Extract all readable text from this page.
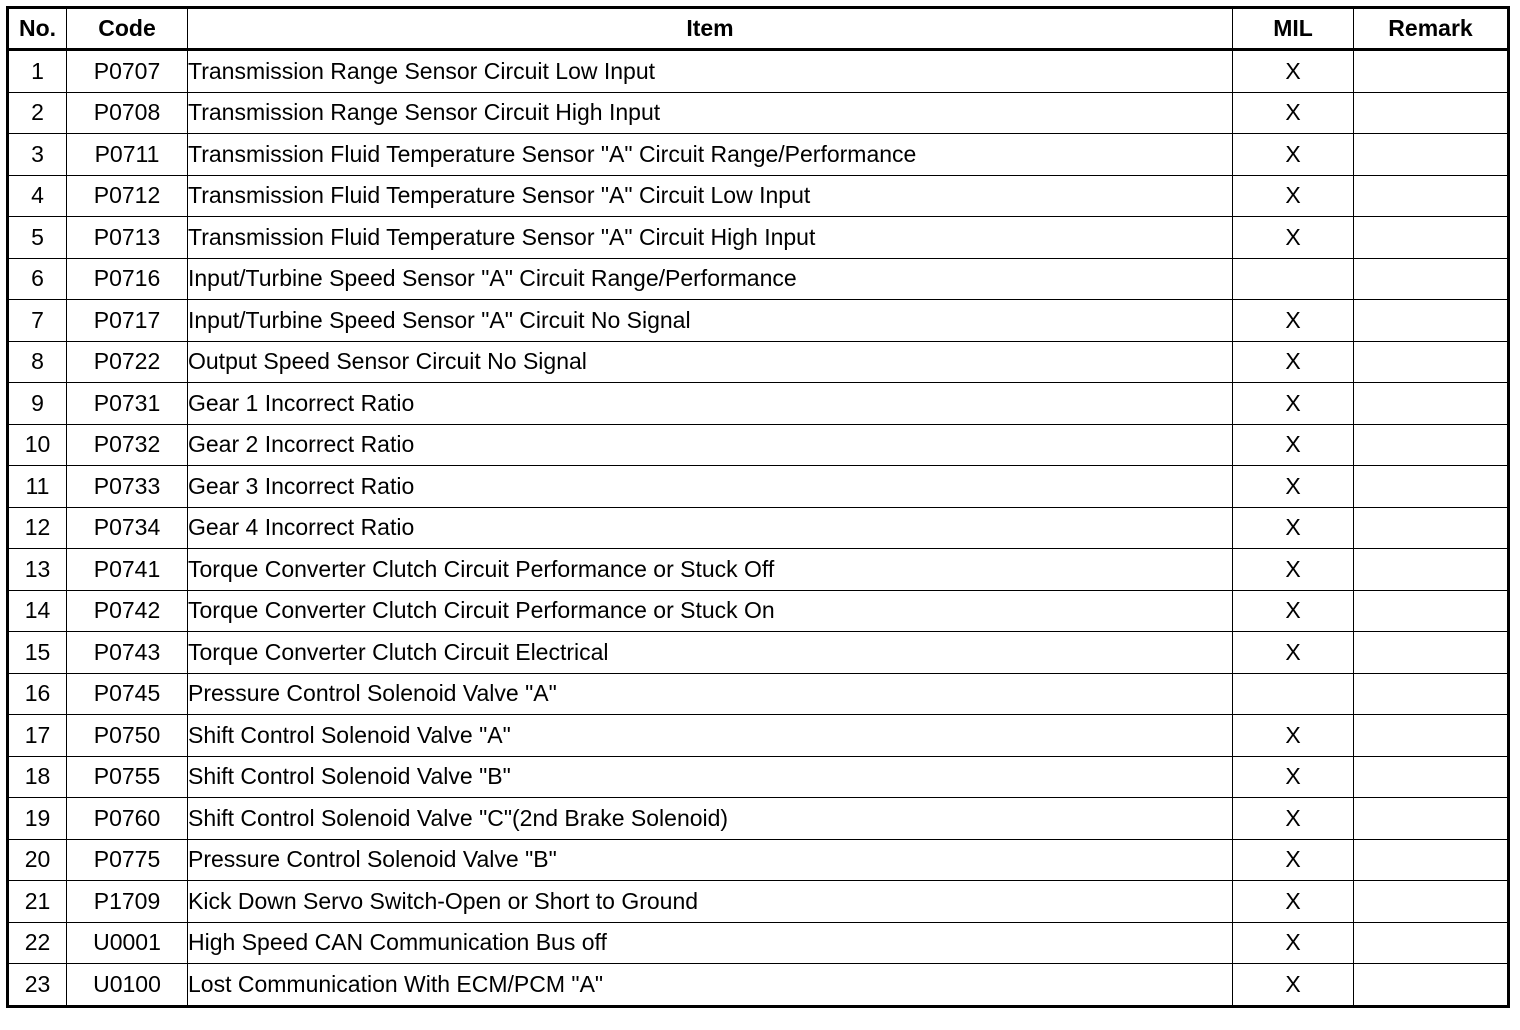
No.	Code	Item	MIL	Remark
1	P0707	Transmission Range Sensor Circuit Low Input	X	
2	P0708	Transmission Range Sensor Circuit High Input	X	
3	P0711	Transmission Fluid Temperature Sensor "A" Circuit Range/Performance	X	
4	P0712	Transmission Fluid Temperature Sensor "A" Circuit Low Input	X	
5	P0713	Transmission Fluid Temperature Sensor "A" Circuit High Input	X	
6	P0716	Input/Turbine Speed Sensor "A" Circuit Range/Performance		
7	P0717	Input/Turbine Speed Sensor "A" Circuit No Signal	X	
8	P0722	Output Speed Sensor Circuit No Signal	X	
9	P0731	Gear 1 Incorrect Ratio	X	
10	P0732	Gear 2 Incorrect Ratio	X	
11	P0733	Gear 3 Incorrect Ratio	X	
12	P0734	Gear 4 Incorrect Ratio	X	
13	P0741	Torque Converter Clutch Circuit Performance or Stuck Off	X	
14	P0742	Torque Converter Clutch Circuit Performance or Stuck On	X	
15	P0743	Torque Converter Clutch Circuit Electrical	X	
16	P0745	Pressure Control Solenoid Valve "A"		
17	P0750	Shift Control Solenoid Valve "A"	X	
18	P0755	Shift Control Solenoid Valve "B"	X	
19	P0760	Shift Control Solenoid Valve "C"(2nd Brake Solenoid)	X	
20	P0775	Pressure Control Solenoid Valve "B"	X	
21	P1709	Kick Down Servo Switch-Open or Short to Ground	X	
22	U0001	High Speed CAN Communication Bus off	X	
23	U0100	Lost Communication With ECM/PCM "A"	X	
